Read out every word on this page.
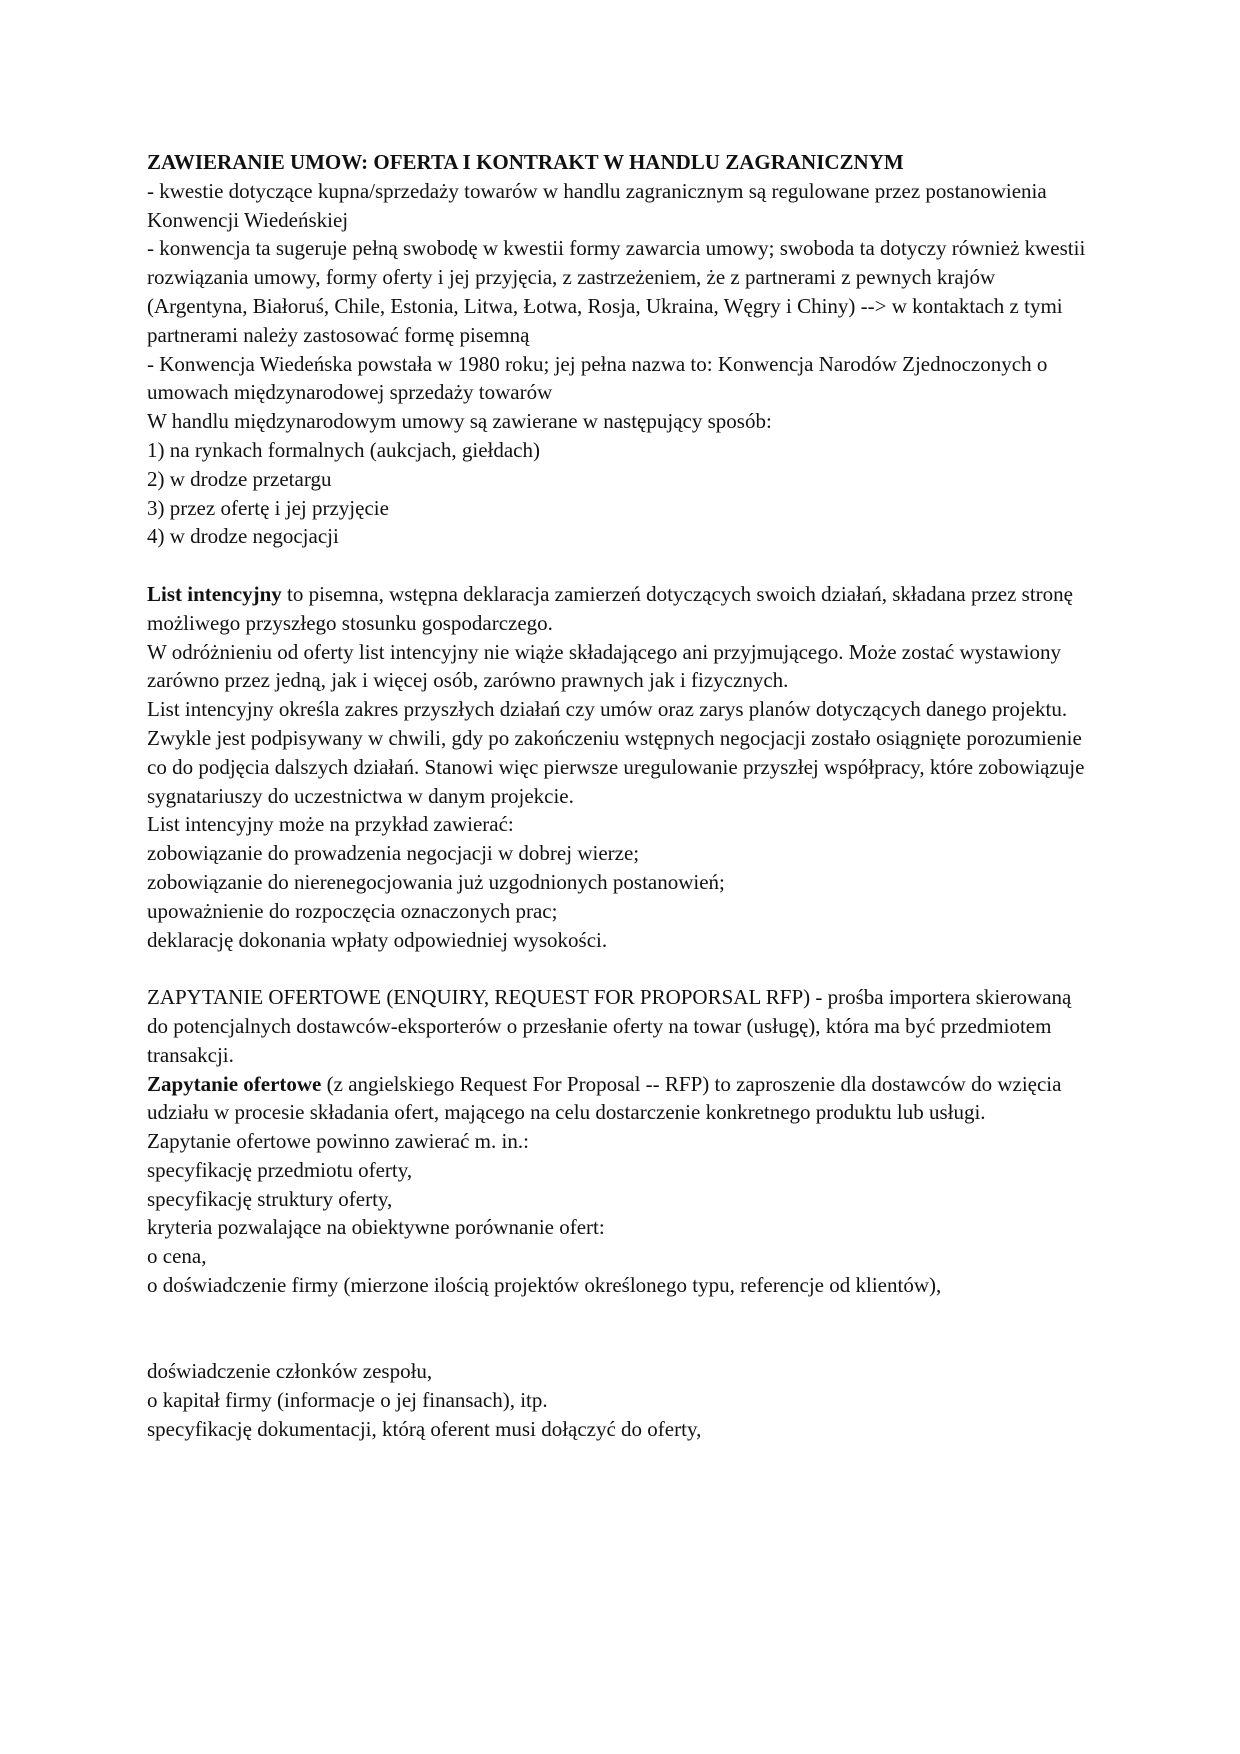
ZAWIERANIE UMOW: OFERTA I KONTRAKT W HANDLU ZAGRANICZNYM

- kwestie dotyczące kupna/sprzedaży towarów w handlu zagranicznym są regulowane przez postanowienia Konwencji Wiedeńskiej

- konwencja ta sugeruje pełną swobodę w kwestii formy zawarcia umowy; swoboda ta dotyczy również kwestii rozwiązania umowy, formy oferty i jej przyjęcia, z zastrzeżeniem, że z partnerami z pewnych krajów (Argentyna, Białoruś, Chile, Estonia, Litwa, Łotwa, Rosja, Ukraina, Węgry i Chiny) --> w kontaktach z tymi partnerami należy zastosować formę pisemną

- Konwencja Wiedeńska powstała w 1980 roku; jej pełna nazwa to: Konwencja Narodów Zjednoczonych o umowach międzynarodowej sprzedaży towarów

W handlu międzynarodowym umowy są zawierane w następujący sposób:

1) na rynkach formalnych (aukcjach, giełdach)

2) w drodze przetargu

3) przez ofertę i jej przyjęcie

4) w drodze negocjacji

List intencyjny to pisemna, wstępna deklaracja zamierzeń dotyczących swoich działań, składana przez stronę możliwego przyszłego stosunku gospodarczego.

W odróżnieniu od oferty list intencyjny nie wiąże składającego ani przyjmującego. Może zostać wystawiony zarówno przez jedną, jak i więcej osób, zarówno prawnych jak i fizycznych.

List intencyjny określa zakres przyszłych działań czy umów oraz zarys planów dotyczących danego projektu. Zwykle jest podpisywany w chwili, gdy po zakończeniu wstępnych negocjacji zostało osiągnięte porozumienie co do podjęcia dalszych działań. Stanowi więc pierwsze uregulowanie przyszłej współpracy, które zobowiązuje sygnatariuszy do uczestnictwa w danym projekcie.

List intencyjny może na przykład zawierać:

zobowiązanie do prowadzenia negocjacji w dobrej wierze;

zobowiązanie do nierenegocjowania już uzgodnionych postanowień;

upoważnienie do rozpoczęcia oznaczonych prac;

deklarację dokonania wpłaty odpowiedniej wysokości.

ZAPYTANIE OFERTOWE (ENQUIRY, REQUEST FOR PROPORSAL RFP) - prośba importera skierowaną do potencjalnych dostawców-eksporterów o przesłanie oferty na towar (usługę), która ma być przedmiotem transakcji.

Zapytanie ofertowe (z angielskiego Request For Proposal -- RFP) to zaproszenie dla dostawców do wzięcia udziału w procesie składania ofert, mającego na celu dostarczenie konkretnego produktu lub usługi.

Zapytanie ofertowe powinno zawierać m. in.:

specyfikację przedmiotu oferty,

specyfikację struktury oferty,

kryteria pozwalające na obiektywne porównanie ofert:

o cena,

o doświadczenie firmy (mierzone ilością projektów określonego typu, referencje od klientów),

doświadczenie członków zespołu,

o kapitał firmy (informacje o jej finansach), itp.

specyfikację dokumentacji, którą oferent musi dołączyć do oferty,
